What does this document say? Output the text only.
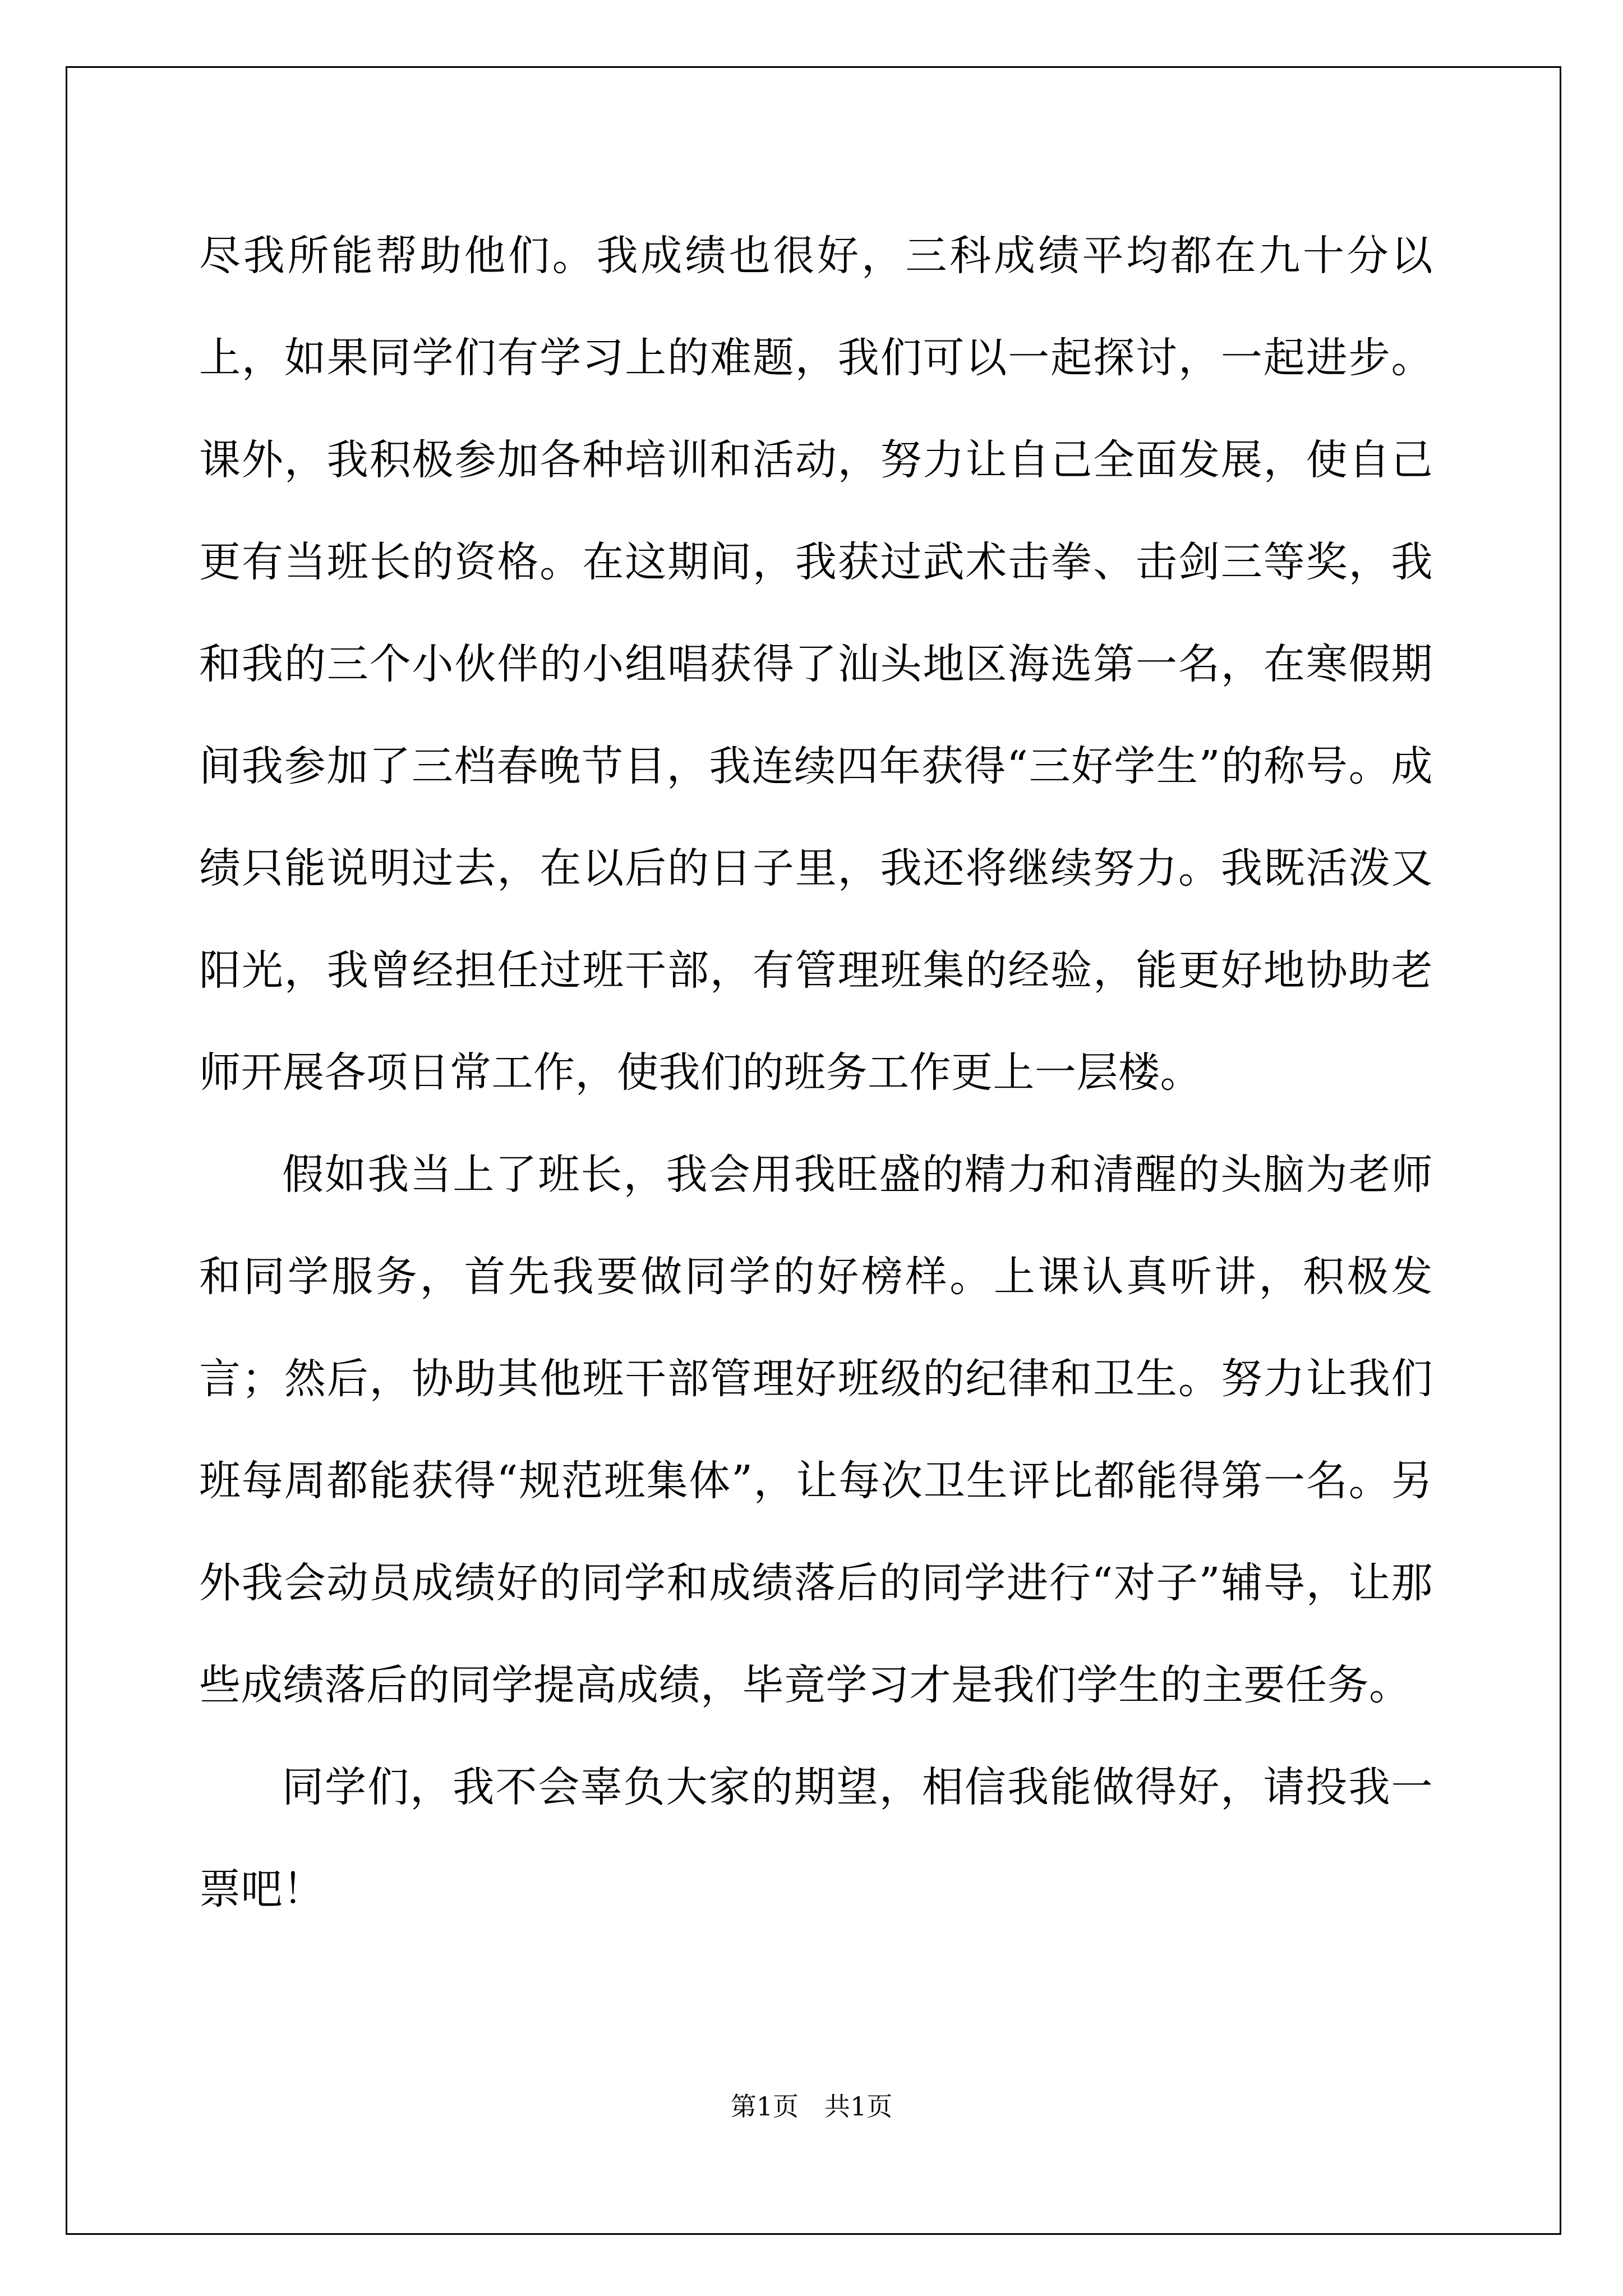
尽我所能帮助他们。我成绩也很好，三科成绩平均都在九十分以上，如果同学们有学习上的难题，我们可以一起探讨，一起进步。课外，我积极参加各种培训和活动，努力让自己全面发展，使自己更有当班长的资格。在这期间，我获过武术击拳、击剑三等奖，我和我的三个小伙伴的小组唱获得了汕头地区海选第一名，在寒假期间我参加了三档春晚节目，我连续四年获得“三好学生”的称号。成绩只能说明过去，在以后的日子里，我还将继续努力。我既活泼又阳光，我曾经担任过班干部，有管理班集的经验，能更好地协助老师开展各项日常工作，使我们的班务工作更上一层楼。

假如我当上了班长，我会用我旺盛的精力和清醒的头脑为老师和同学服务，首先我要做同学的好榜样。上课认真听讲，积极发言；然后，协助其他班干部管理好班级的纪律和卫生。努力让我们班每周都能获得“规范班集体”，让每次卫生评比都能得第一名。另外我会动员成绩好的同学和成绩落后的同学进行“对子”辅导，让那些成绩落后的同学提高成绩，毕竟学习才是我们学生的主要任务。

同学们，我不会辜负大家的期望，相信我能做得好，请投我一票吧！

第1页　共1页
